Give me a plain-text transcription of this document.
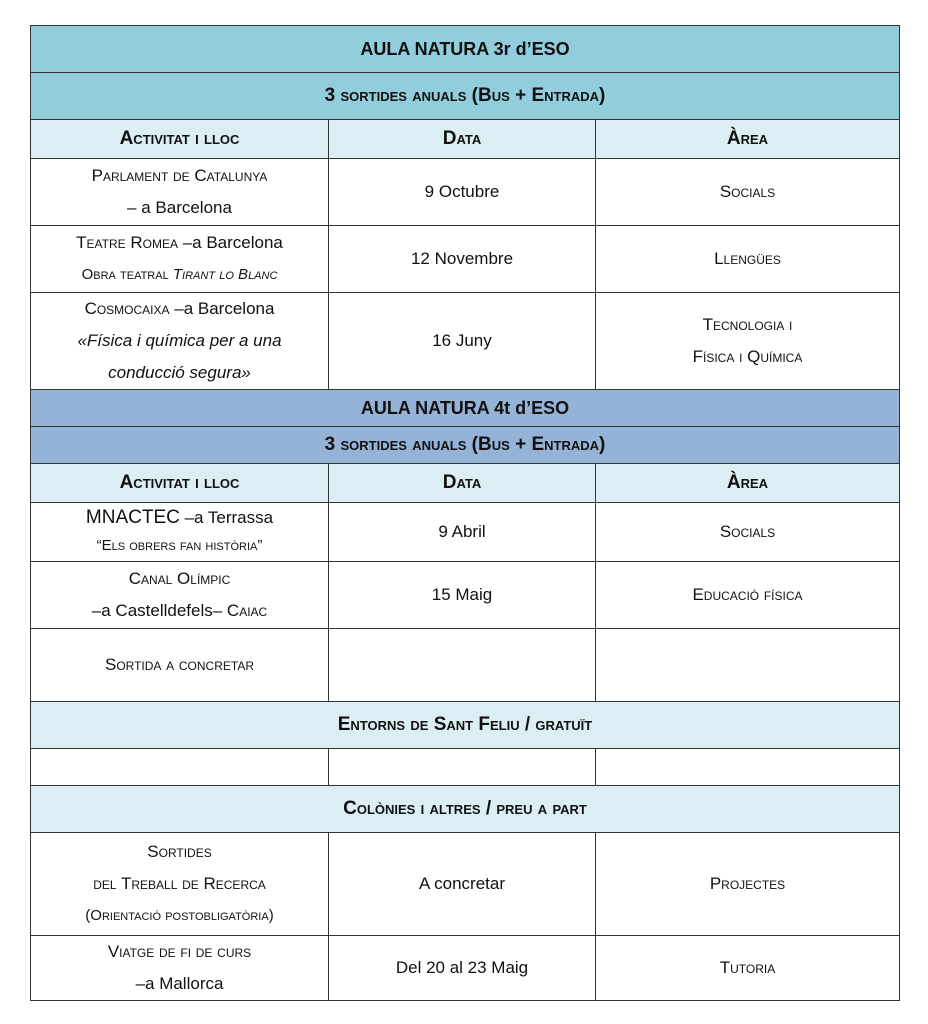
AULA NATURA 3r d’ESO		
3 sortides anuals (Bus + Entrada)		
Activitat i lloc	Data	Àrea

Parlament de Catalunya
– a Barcelona	9 Octubre	Socials

Teatre Romea –a Barcelona
Obra teatral Tirant lo Blanc	12 Novembre	Llengües

Cosmocaixa –a Barcelona
«Física i química per a una
conducció segura»	16 Juny	Tecnologia i
Física i Química

AULA NATURA 4t d’ESO		
3 sortides anuals (Bus + Entrada)		
Activitat i lloc	Data	Àrea

MNACTEC –a Terrassa
“Els obrers fan història”	9 Abril	Socials

Canal Olímpic
–a Castelldefels– Caiac	15 Maig	Educació física
Sortida a concretar		
Entorns de Sant Feliu / gratuït		

Colònies i altres / preu a part		

Sortides
del Treball de Recerca
(Orientació postobligatòria)	A concretar	Projectes

Viatge de fi de curs
–a Mallorca	Del 20 al 23 Maig	Tutoria
